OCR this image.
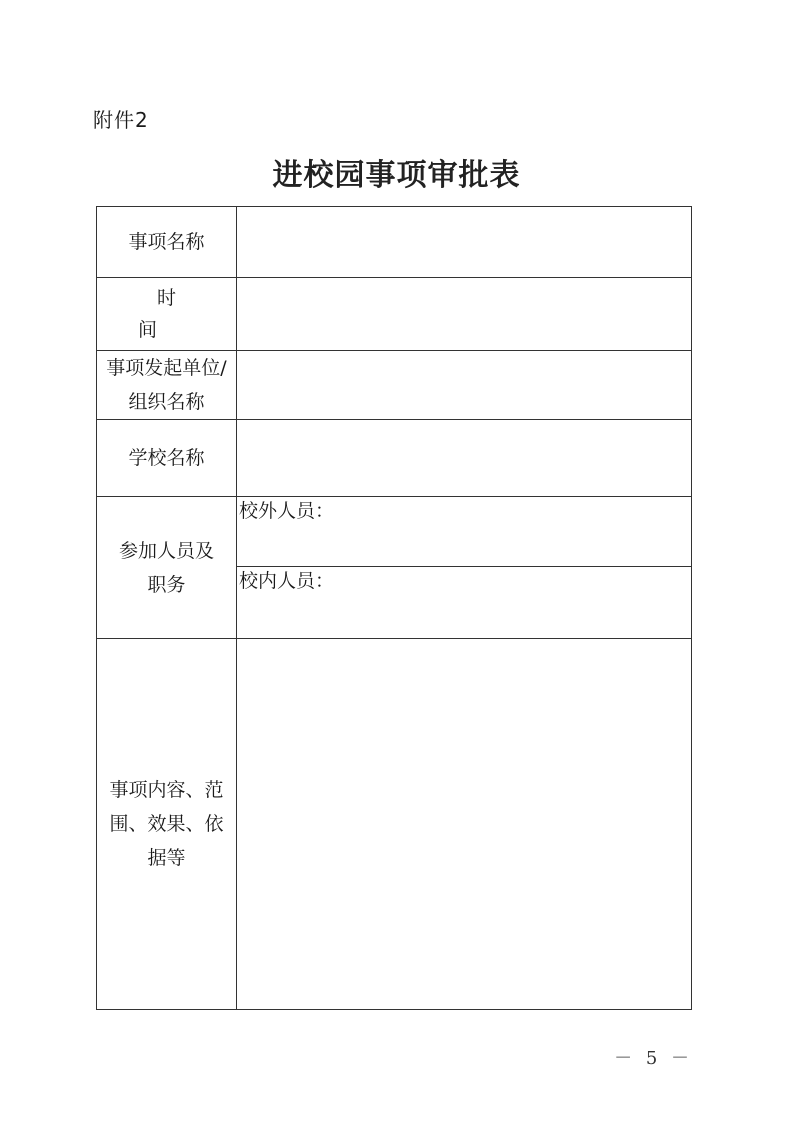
附件2
进校园事项审批表
事项名称	
时间	
事项发起单位/
组织名称	
学校名称	
参加人员及
职务	校外人员：

	校内人员：

事项内容、范
围、效果、依
据等	
－ 5 －
